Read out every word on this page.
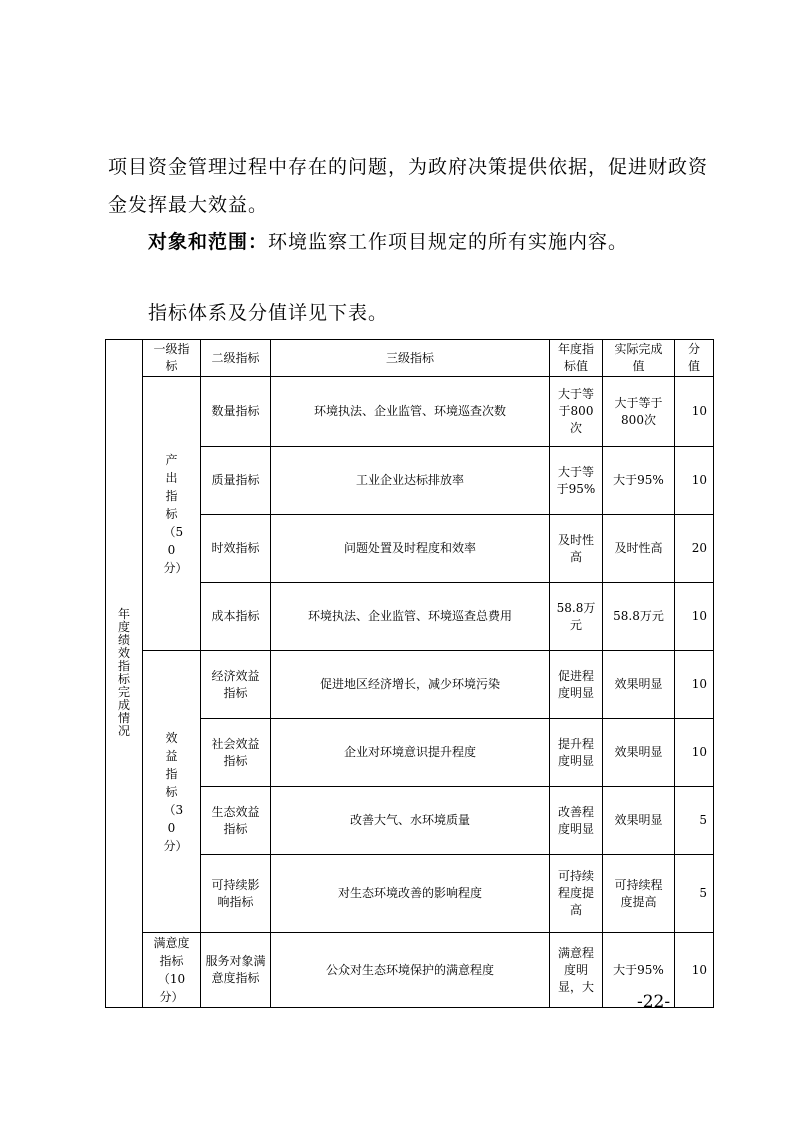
项目资金管理过程中存在的问题，为政府决策提供依据，促进财政资金发挥最大效益。
对象和范围：环境监察工作项目规定的所有实施内容。
指标体系及分值详见下表。
年度绩效指标完成情况	一级指标	二级指标	三级指标	年度指标值	实际完成值	分值
	产出指标（50分）	数量指标	环境执法、企业监管、环境巡查次数	大于等于800次	大于等于800次	10
		质量指标	工业企业达标排放率	大于等于95%	大于95%	10
		时效指标	问题处置及时程度和效率	及时性高	及时性高	20
		成本指标	环境执法、企业监管、环境巡查总费用	58.8万元	58.8万元	10
	效益指标（30分）	经济效益指标	促进地区经济增长，减少环境污染	促进程度明显	效果明显	10
		社会效益指标	企业对环境意识提升程度	提升程度明显	效果明显	10
		生态效益指标	改善大气、水环境质量	改善程度明显	效果明显	5
		可持续影响指标	对生态环境改善的影响程度	可持续程度提高	可持续程度提高	5
	满意度指标（10分）	服务对象满意度指标	公众对生态环境保护的满意程度	满意程度明显，大	大于95%	10
-22-
